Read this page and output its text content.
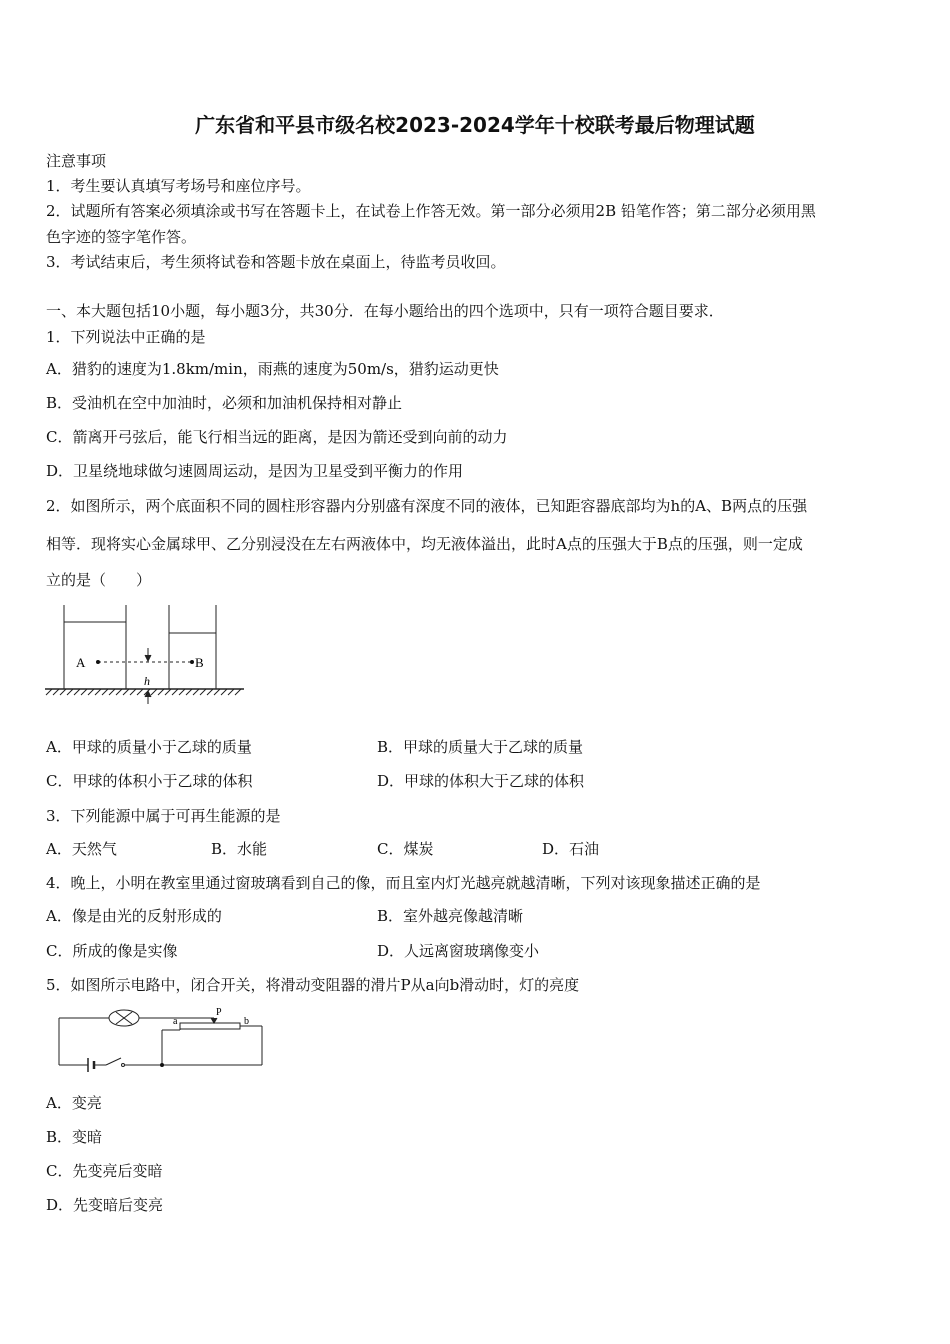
广东省和平县市级名校2023-2024学年十校联考最后物理试题
注意事项
1．考生要认真填写考场号和座位序号。
2．试题所有答案必须填涂或书写在答题卡上，在试卷上作答无效。第一部分必须用2B 铅笔作答；第二部分必须用黑
色字迹的签字笔作答。
3．考试结束后，考生须将试卷和答题卡放在桌面上，待监考员收回。
一、本大题包括10小题，每小题3分，共30分．在每小题给出的四个选项中，只有一项符合题目要求．
1．下列说法中正确的是
A．猎豹的速度为1.8km/min，雨燕的速度为50m/s，猎豹运动更快
B．受油机在空中加油时，必须和加油机保持相对静止
C．箭离开弓弦后，能飞行相当远的距离，是因为箭还受到向前的动力
D．卫星绕地球做匀速圆周运动，是因为卫星受到平衡力的作用
2．如图所示，两个底面积不同的圆柱形容器内分别盛有深度不同的液体，已知距容器底部均为h的A、B两点的压强
相等．现将实心金属球甲、乙分别浸没在左右两液体中，均无液体溢出，此时A点的压强大于B点的压强，则一定成
立的是（　　）
A	B
h
A．甲球的质量小于乙球的质量	B．甲球的质量大于乙球的质量
C．甲球的体积小于乙球的体积	D．甲球的体积大于乙球的体积
3．下列能源中属于可再生能源的是
A．天然气	B．水能	C．煤炭	D．石油
4．晚上，小明在教室里通过窗玻璃看到自己的像，而且室内灯光越亮就越清晰，下列对该现象描述正确的是
A．像是由光的反射形成的	B．室外越亮像越清晰
C．所成的像是实像	D．人远离窗玻璃像变小
5．如图所示电路中，闭合开关，将滑动变阻器的滑片P从a向b滑动时，灯的亮度
a
P
b
A．变亮
B．变暗
C．先变亮后变暗
D．先变暗后变亮
